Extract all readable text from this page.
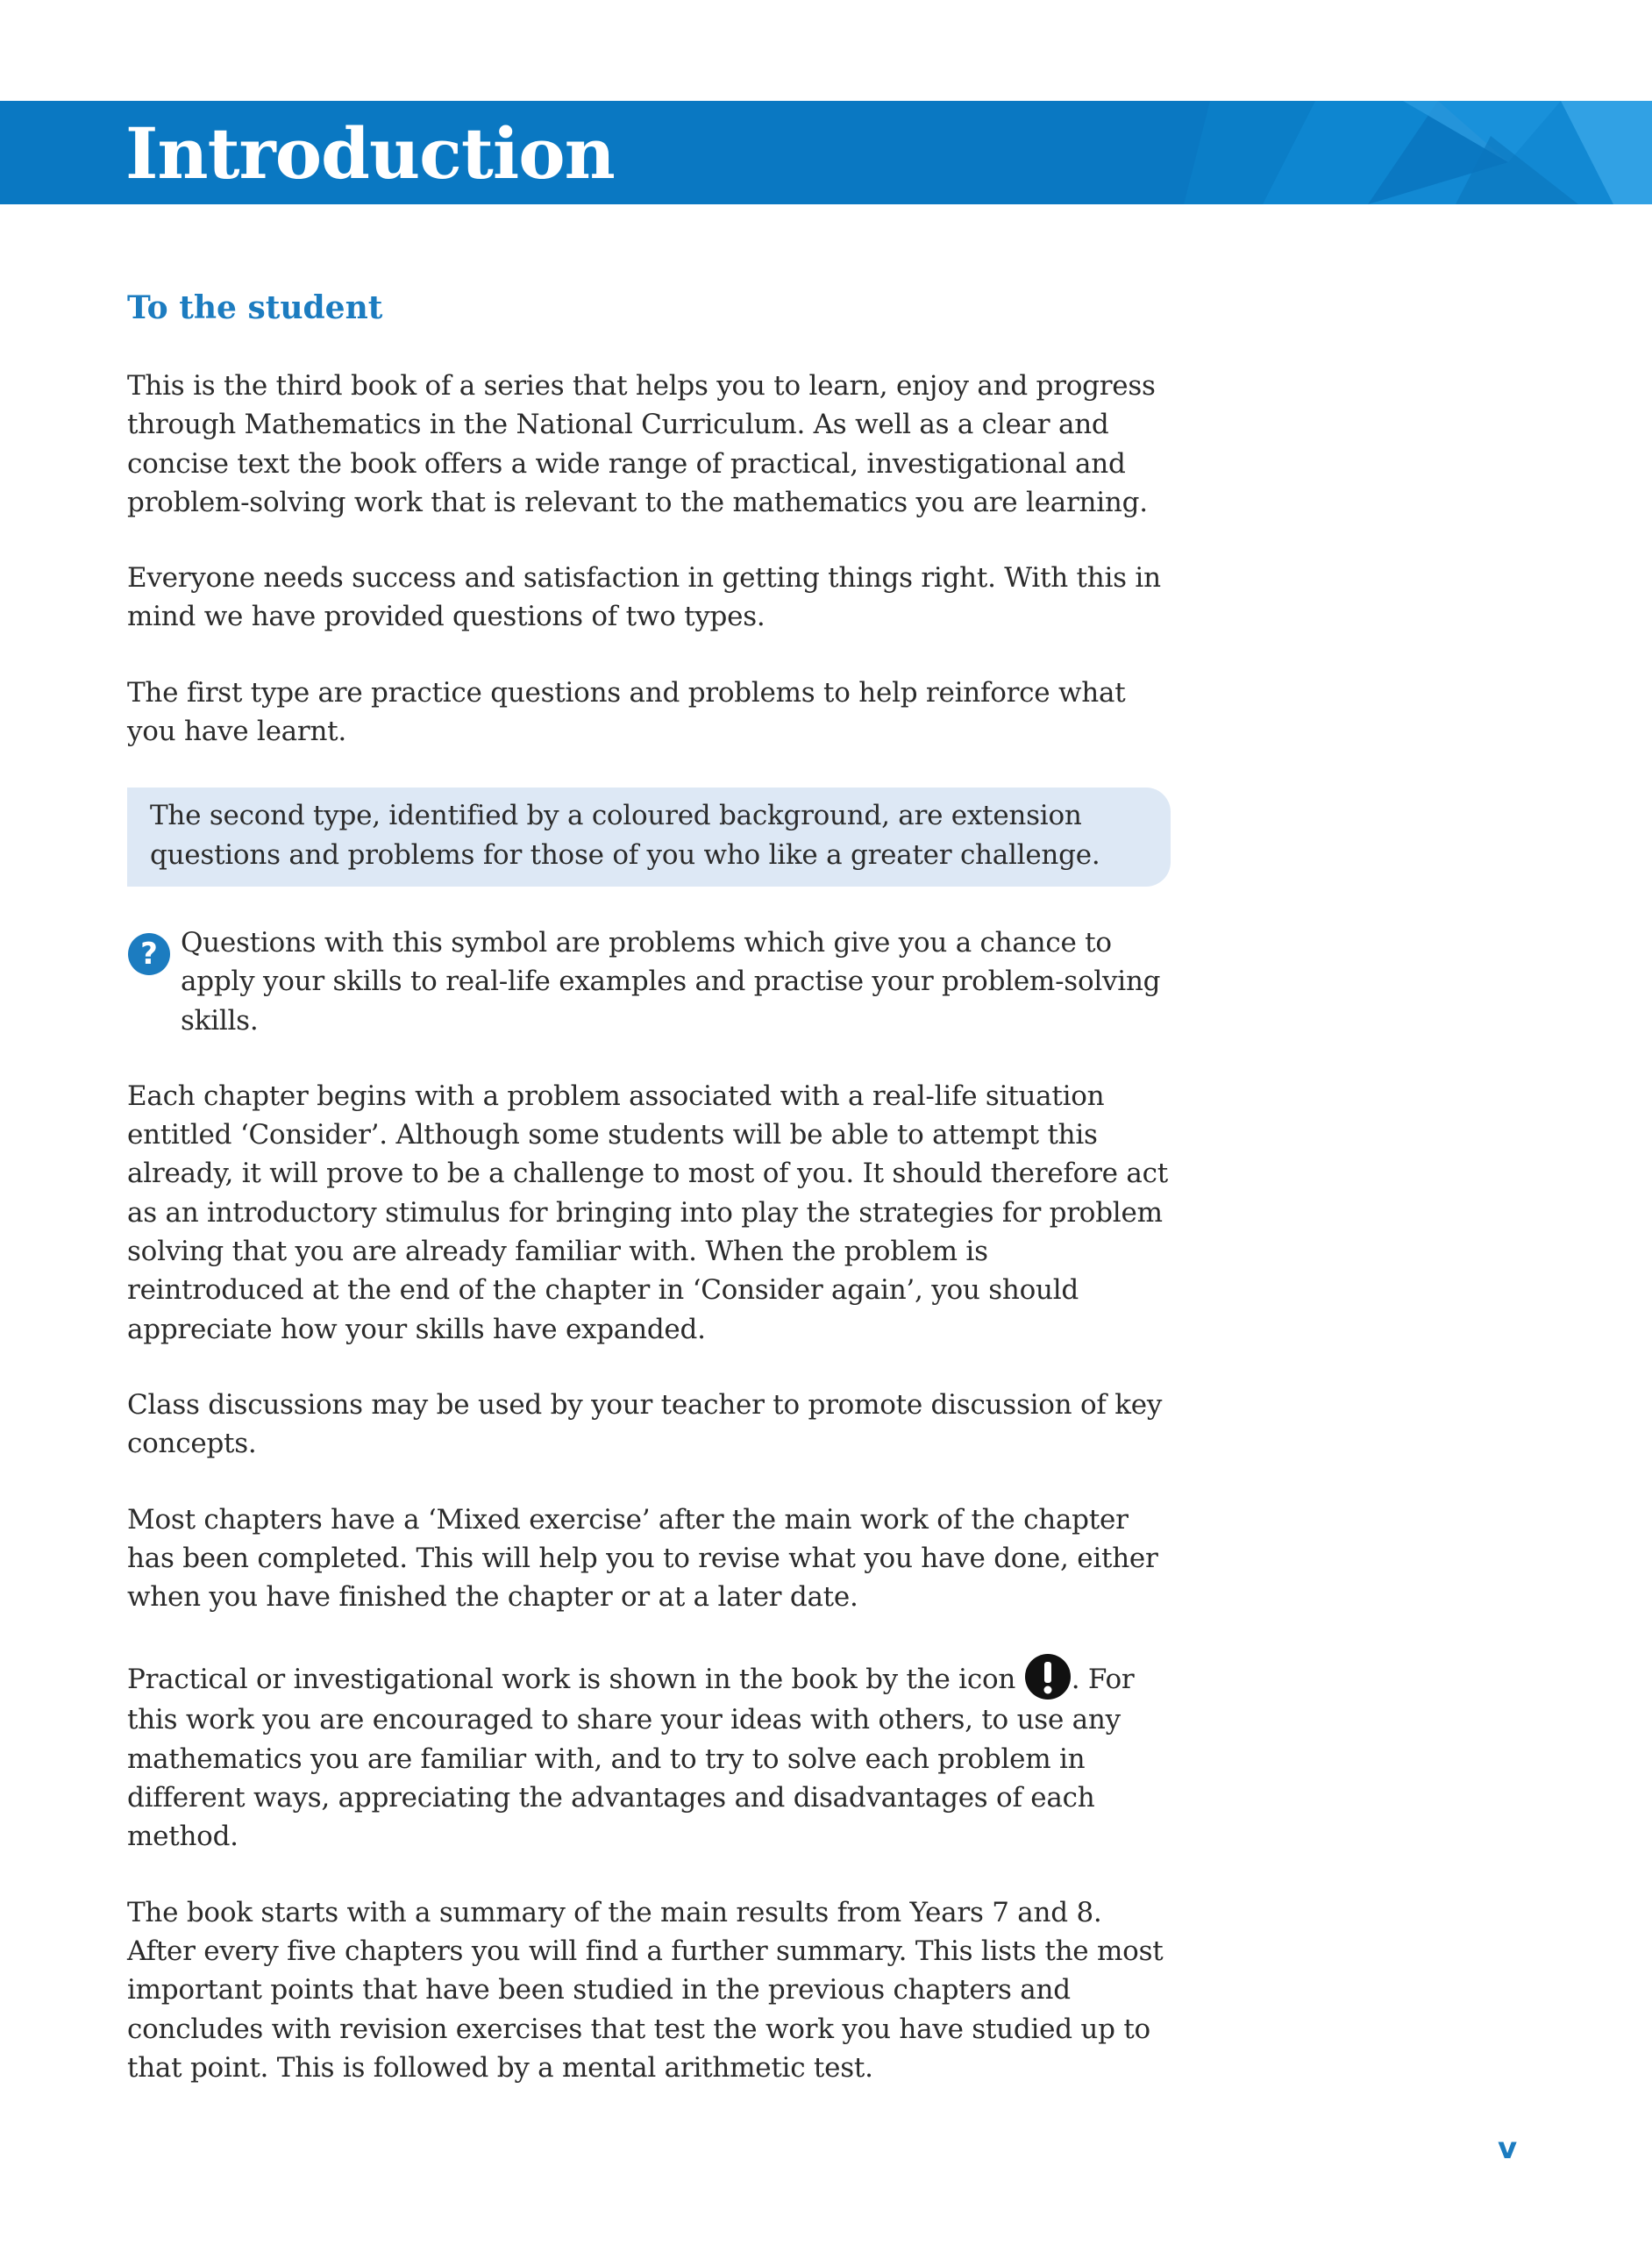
Introduction
To the student

This is the third book of a series that helps you to learn, enjoy and progress through Mathematics in the National Curriculum. As well as a clear and concise text the book offers a wide range of practical, investigational and problem-solving work that is relevant to the mathematics you are learning.

Everyone needs success and satisfaction in getting things right. With this in mind we have provided questions of two types.

The first type are practice questions and problems to help reinforce what you have learnt.

The second type, identified by a coloured background, are extension questions and problems for those of you who like a greater challenge.

? Questions with this symbol are problems which give you a chance to apply your skills to real-life examples and practise your problem-solving skills.

Each chapter begins with a problem associated with a real-life situation entitled ‘Consider’. Although some students will be able to attempt this already, it will prove to be a challenge to most of you. It should therefore act as an introductory stimulus for bringing into play the strategies for problem solving that you are already familiar with. When the problem is reintroduced at the end of the chapter in ‘Consider again’, you should appreciate how your skills have expanded.

Class discussions may be used by your teacher to promote discussion of key concepts.

Most chapters have a ‘Mixed exercise’ after the main work of the chapter has been completed. This will help you to revise what you have done, either when you have finished the chapter or at a later date.

Practical or investigational work is shown in the book by the icon . For this work you are encouraged to share your ideas with others, to use any mathematics you are familiar with, and to try to solve each problem in different ways, appreciating the advantages and disadvantages of each method.

The book starts with a summary of the main results from Years 7 and 8. After every five chapters you will find a further summary. This lists the most important points that have been studied in the previous chapters and concludes with revision exercises that test the work you have studied up to that point. This is followed by a mental arithmetic test.

v
